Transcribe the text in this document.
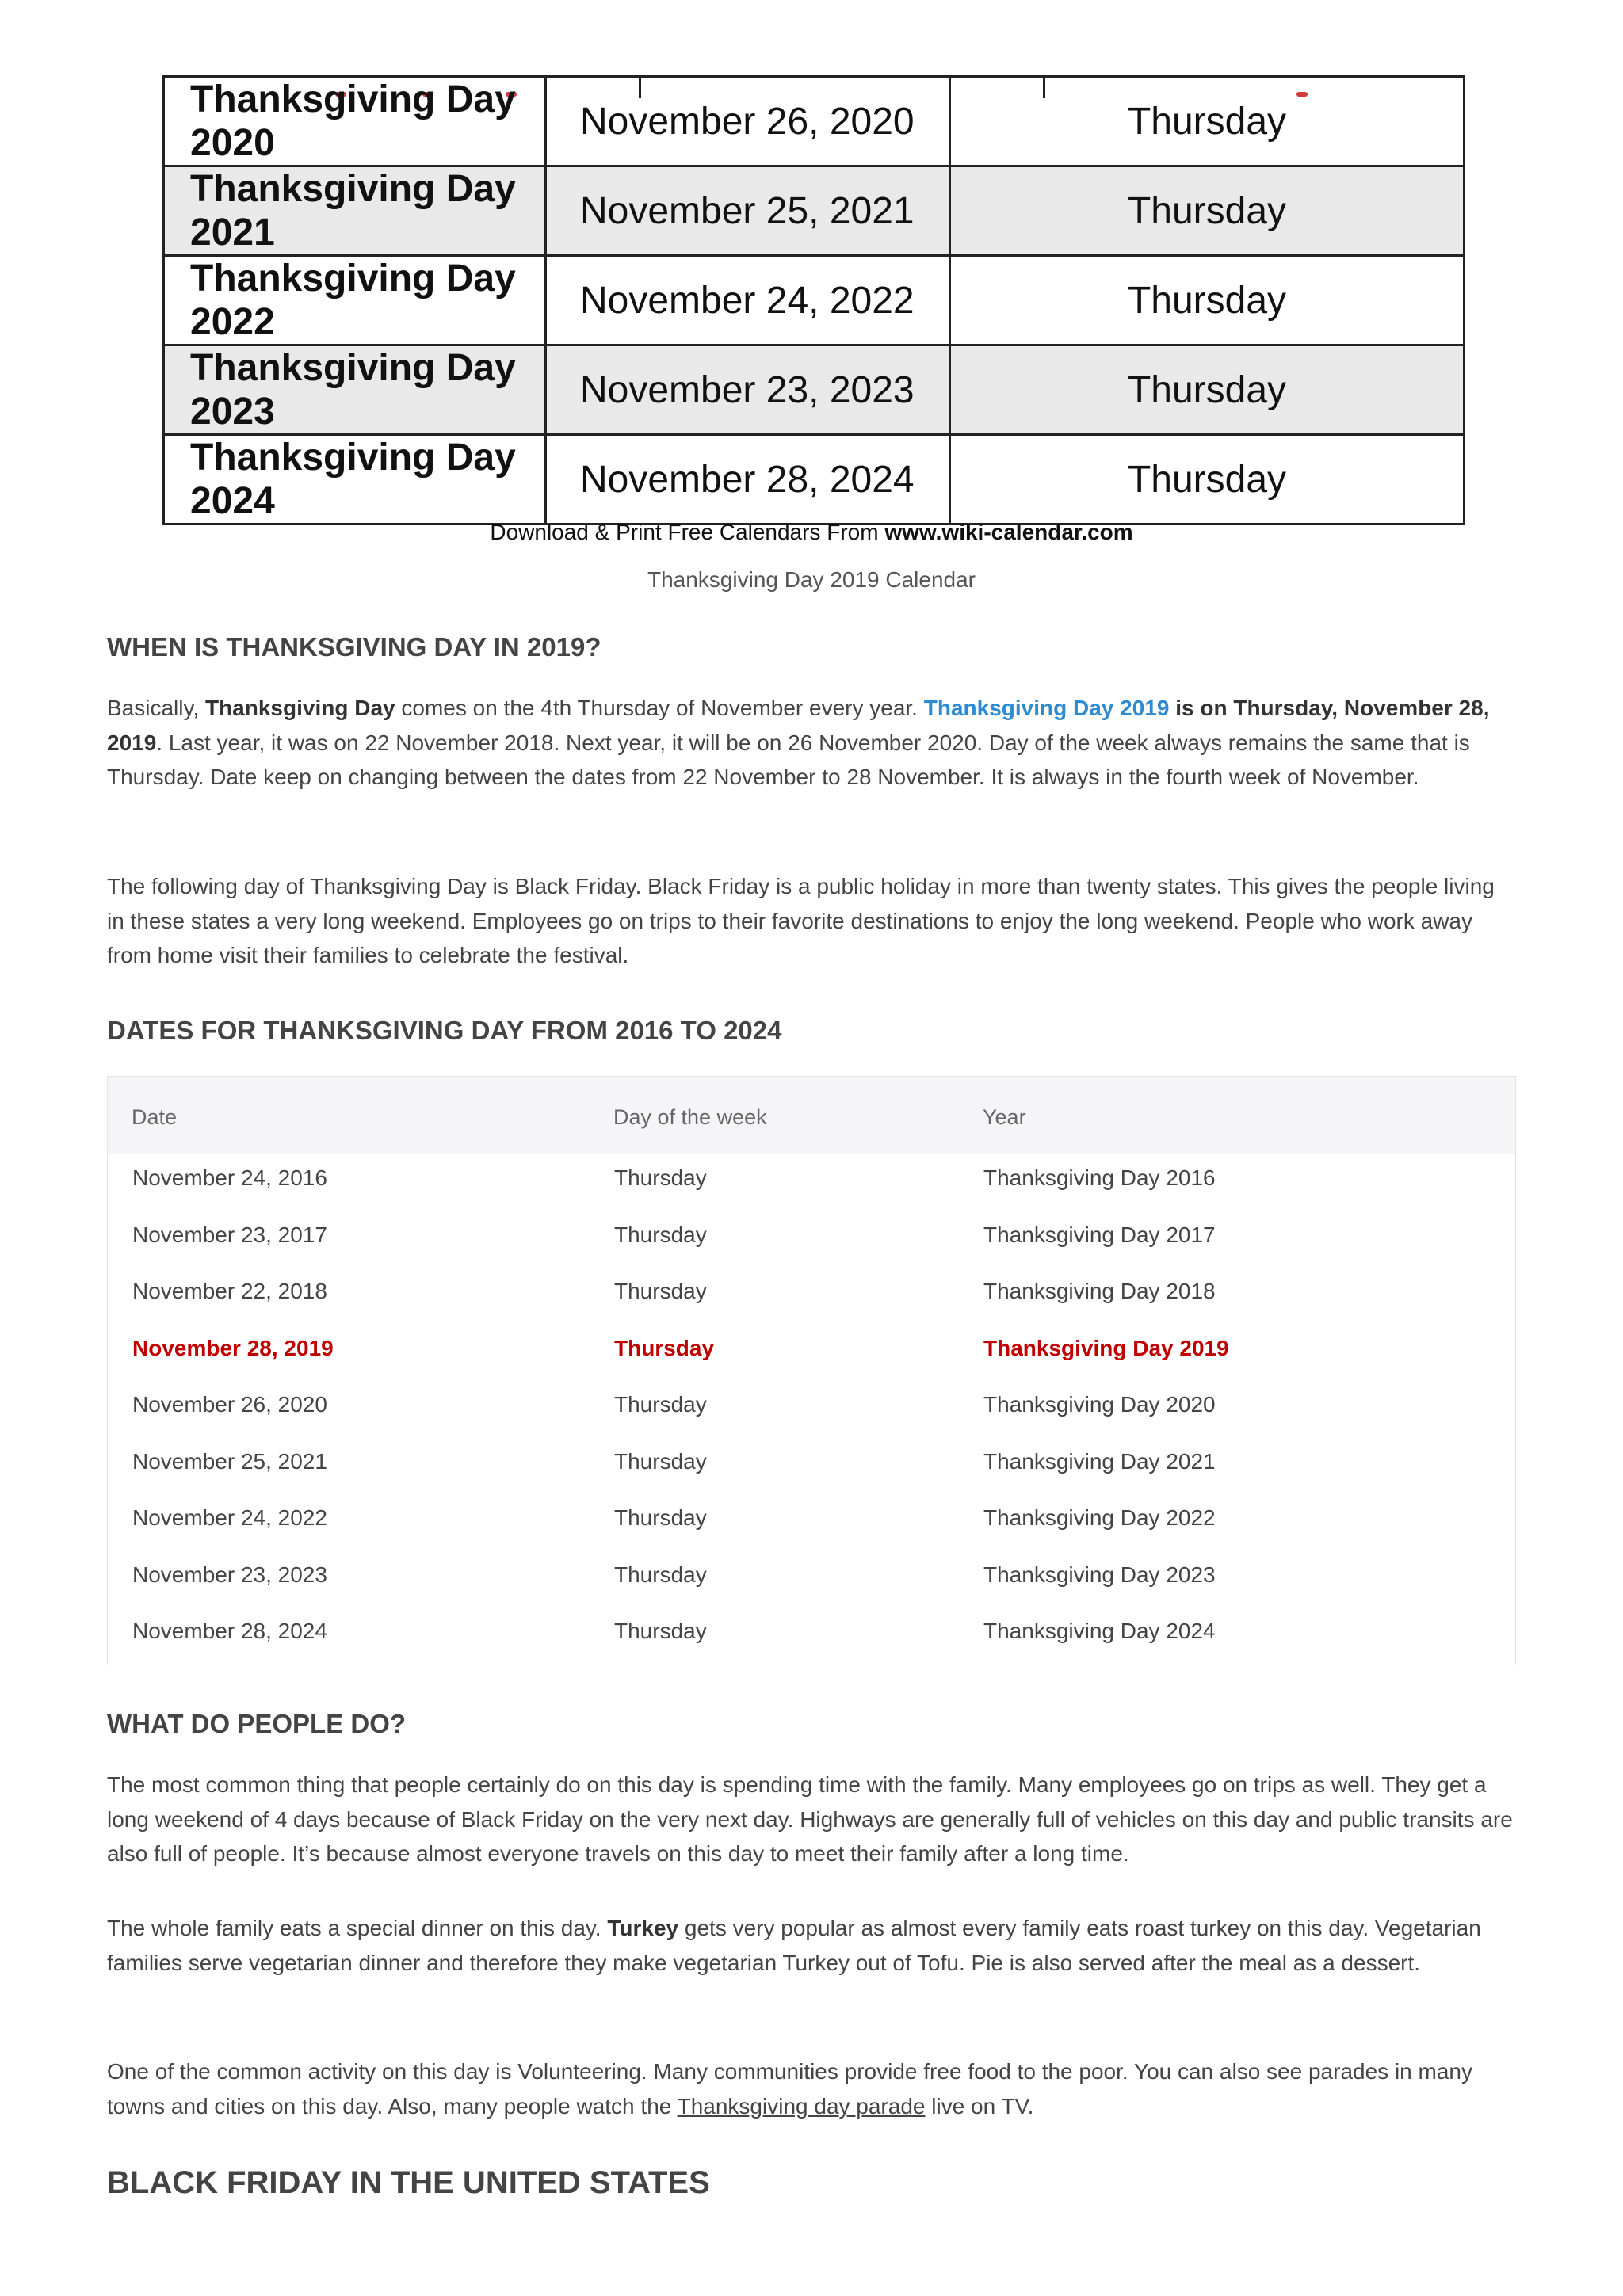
Thanksgiving Day 2020	November 26, 2020	Thursday
Thanksgiving Day 2021	November 25, 2021	Thursday
Thanksgiving Day 2022	November 24, 2022	Thursday
Thanksgiving Day 2023	November 23, 2023	Thursday
Thanksgiving Day 2024	November 28, 2024	Thursday
Download & Print Free Calendars From www.wiki-calendar.com
Thanksgiving Day 2019 Calendar
WHEN IS THANKSGIVING DAY IN 2019?

Basically, Thanksgiving Day comes on the 4th Thursday of November every year. Thanksgiving Day 2019 is on Thursday, November 28, 2019. Last year, it was on 22 November 2018. Next year, it will be on 26 November 2020. Day of the week always remains the same that is Thursday. Date keep on changing between the dates from 22 November to 28 November. It is always in the fourth week of November.

The following day of Thanksgiving Day is Black Friday. Black Friday is a public holiday in more than twenty states. This gives the people living in these states a very long weekend. Employees go on trips to their favorite destinations to enjoy the long weekend. People who work away from home visit their families to celebrate the festival.

DATES FOR THANKSGIVING DAY FROM 2016 TO 2024
Date	Day of the week	Year
November 24, 2016	Thursday	Thanksgiving Day 2016
November 23, 2017	Thursday	Thanksgiving Day 2017
November 22, 2018	Thursday	Thanksgiving Day 2018
November 28, 2019	Thursday	Thanksgiving Day 2019
November 26, 2020	Thursday	Thanksgiving Day 2020
November 25, 2021	Thursday	Thanksgiving Day 2021
November 24, 2022	Thursday	Thanksgiving Day 2022
November 23, 2023	Thursday	Thanksgiving Day 2023
November 28, 2024	Thursday	Thanksgiving Day 2024
WHAT DO PEOPLE DO?

The most common thing that people certainly do on this day is spending time with the family. Many employees go on trips as well. They get a long weekend of 4 days because of Black Friday on the very next day. Highways are generally full of vehicles on this day and public transits are also full of people. It’s because almost everyone travels on this day to meet their family after a long time.

The whole family eats a special dinner on this day. Turkey gets very popular as almost every family eats roast turkey on this day. Vegetarian families serve vegetarian dinner and therefore they make vegetarian Turkey out of Tofu. Pie is also served after the meal as a dessert.

One of the common activity on this day is Volunteering. Many communities provide free food to the poor. You can also see parades in many towns and cities on this day. Also, many people watch the Thanksgiving day parade live on TV.

BLACK FRIDAY IN THE UNITED STATES
